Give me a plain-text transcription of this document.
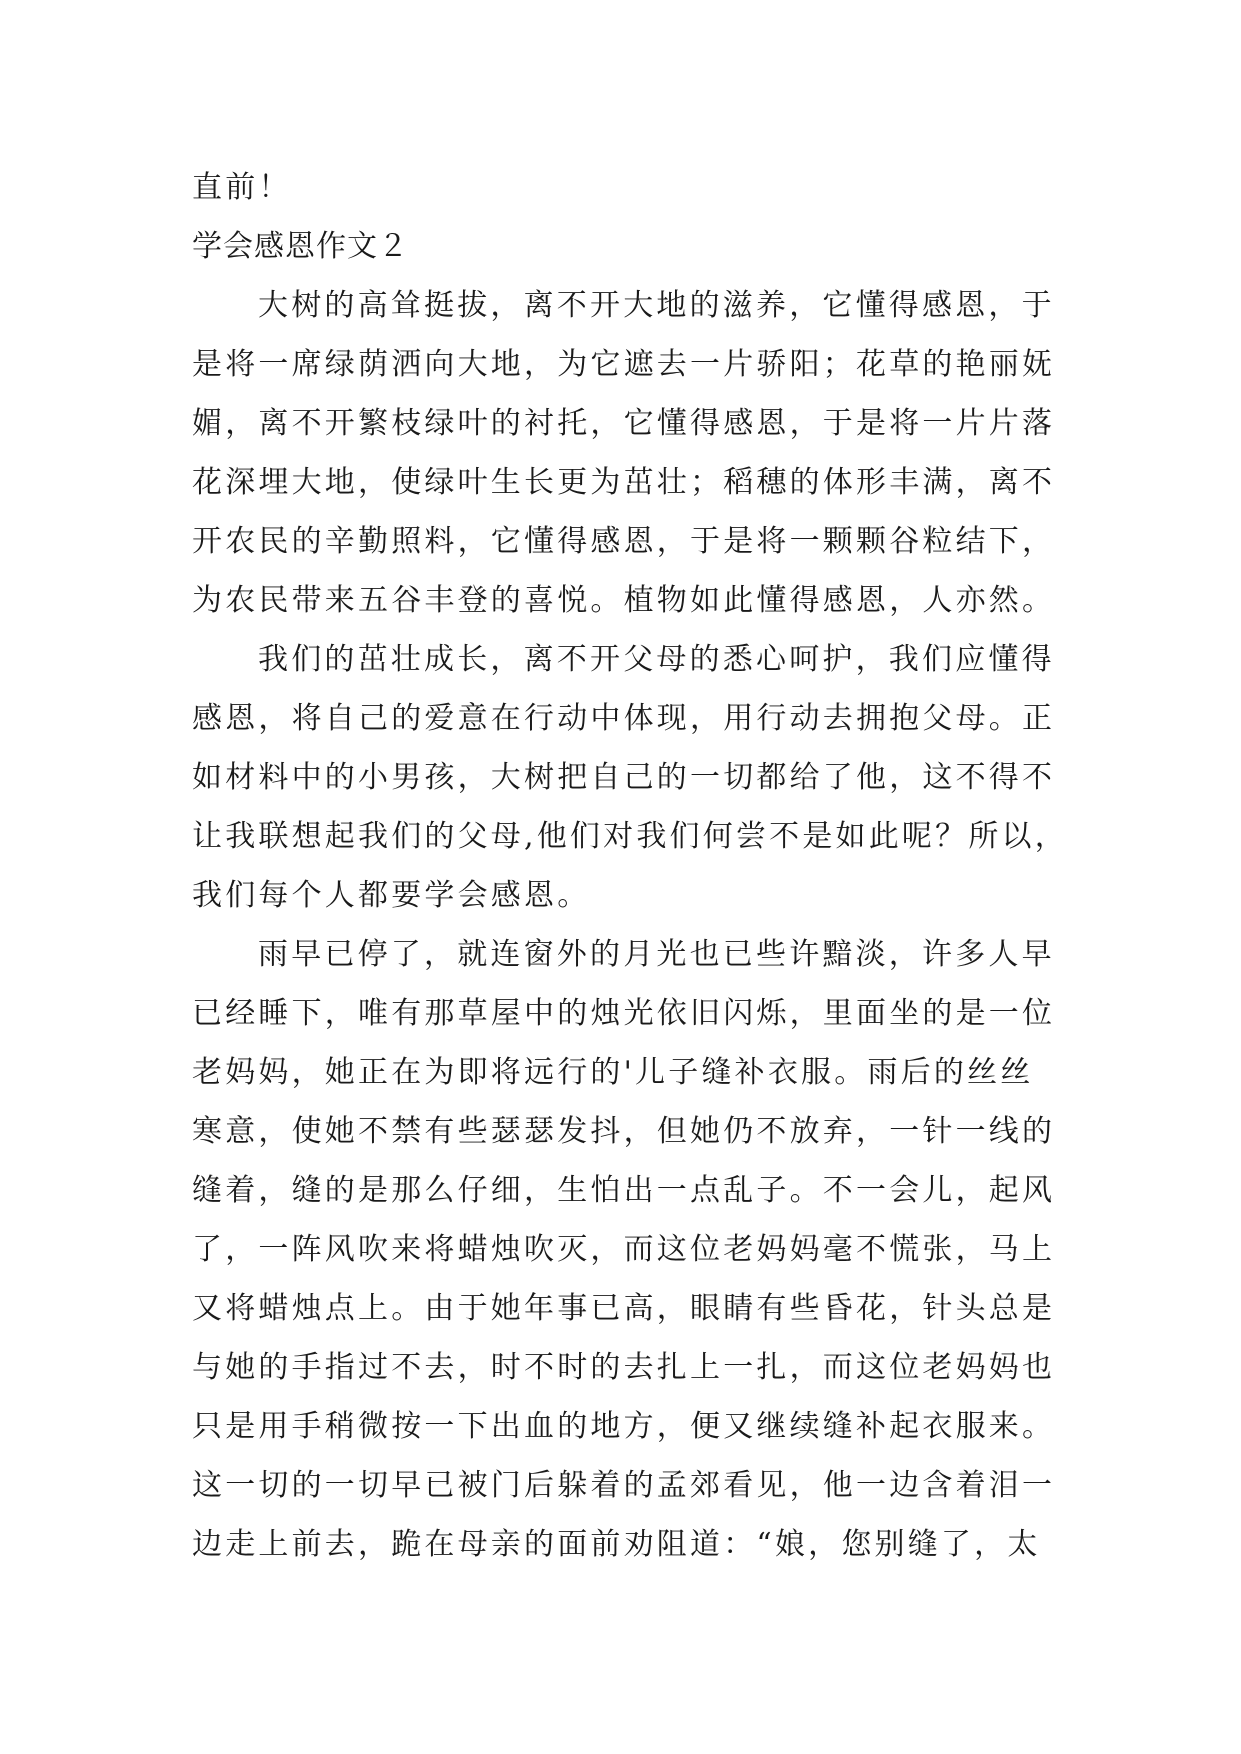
直前！
学会感恩作文２
大树的高耸挺拔，离不开大地的滋养，它懂得感恩，于
是将一席绿荫洒向大地，为它遮去一片骄阳；花草的艳丽妩
媚，离不开繁枝绿叶的衬托，它懂得感恩，于是将一片片落
花深埋大地，使绿叶生长更为茁壮；稻穗的体形丰满，离不
开农民的辛勤照料，它懂得感恩，于是将一颗颗谷粒结下，
为农民带来五谷丰登的喜悦。植物如此懂得感恩，人亦然。
我们的茁壮成长，离不开父母的悉心呵护，我们应懂得
感恩，将自己的爱意在行动中体现，用行动去拥抱父母。正
如材料中的小男孩，大树把自己的一切都给了他，这不得不
让我联想起我们的父母,他们对我们何尝不是如此呢？所以，
我们每个人都要学会感恩。
雨早已停了，就连窗外的月光也已些许黯淡，许多人早
已经睡下，唯有那草屋中的烛光依旧闪烁，里面坐的是一位
老妈妈，她正在为即将远行的'儿子缝补衣服。雨后的丝丝
寒意，使她不禁有些瑟瑟发抖，但她仍不放弃，一针一线的
缝着，缝的是那么仔细，生怕出一点乱子。不一会儿，起风
了，一阵风吹来将蜡烛吹灭，而这位老妈妈毫不慌张，马上
又将蜡烛点上。由于她年事已高，眼睛有些昏花，针头总是
与她的手指过不去，时不时的去扎上一扎，而这位老妈妈也
只是用手稍微按一下出血的地方，便又继续缝补起衣服来。
这一切的一切早已被门后躲着的孟郊看见，他一边含着泪一
边走上前去，跪在母亲的面前劝阻道：“娘，您别缝了，太
